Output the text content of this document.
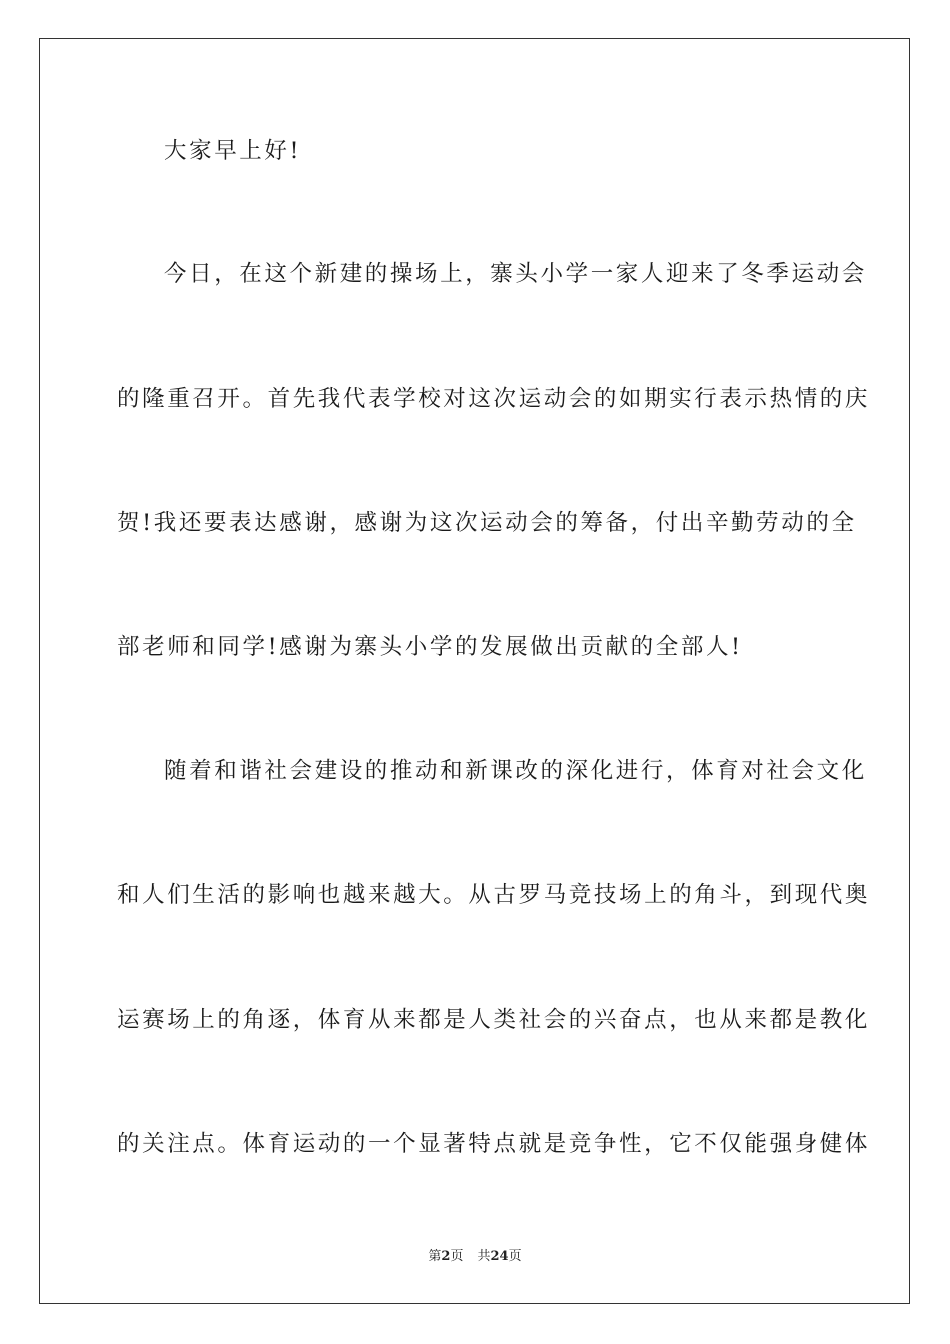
大家早上好!
今日，在这个新建的操场上，寨头小学一家人迎来了冬季运动会
的隆重召开。首先我代表学校对这次运动会的如期实行表示热情的庆
贺!我还要表达感谢，感谢为这次运动会的筹备，付出辛勤劳动的全
部老师和同学!感谢为寨头小学的发展做出贡献的全部人!
随着和谐社会建设的推动和新课改的深化进行，体育对社会文化
和人们生活的影响也越来越大。从古罗马竞技场上的角斗，到现代奥
运赛场上的角逐，体育从来都是人类社会的兴奋点，也从来都是教化
的关注点。体育运动的一个显著特点就是竞争性，它不仅能强身健体
第2页 共24页
